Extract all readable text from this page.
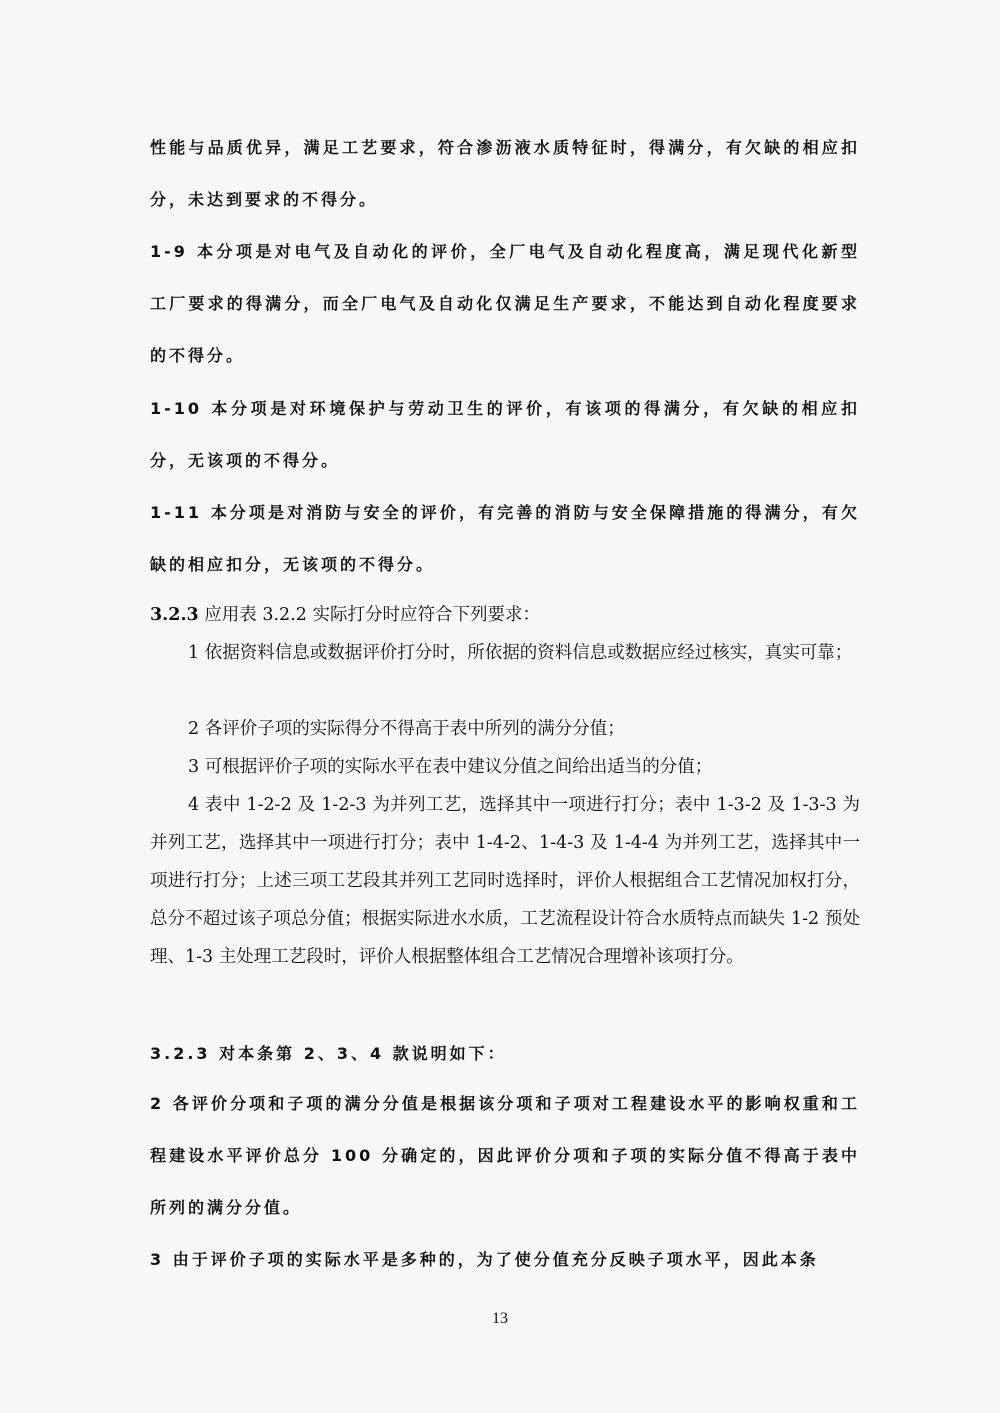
性能与品质优异，满足工艺要求，符合渗沥液水质特征时，得满分，有欠缺的相应扣分，未达到要求的不得分。

1-9 本分项是对电气及自动化的评价，全厂电气及自动化程度高，满足现代化新型工厂要求的得满分，而全厂电气及自动化仅满足生产要求，不能达到自动化程度要求的不得分。

1-10 本分项是对环境保护与劳动卫生的评价，有该项的得满分，有欠缺的相应扣分，无该项的不得分。

1-11 本分项是对消防与安全的评价，有完善的消防与安全保障措施的得满分，有欠缺的相应扣分，无该项的不得分。

3.2.3 应用表 3.2.2 实际打分时应符合下列要求：

1 依据资料信息或数据评价打分时，所依据的资料信息或数据应经过核实，真实可靠；

2 各评价子项的实际得分不得高于表中所列的满分分值；

3 可根据评价子项的实际水平在表中建议分值之间给出适当的分值；

4 表中 1-2-2 及 1-2-3 为并列工艺，选择其中一项进行打分；表中 1-3-2 及 1-3-3 为并列工艺，选择其中一项进行打分；表中 1-4-2、1-4-3 及 1-4-4 为并列工艺，选择其中一项进行打分；上述三项工艺段其并列工艺同时选择时，评价人根据组合工艺情况加权打分，总分不超过该子项总分值；根据实际进水水质，工艺流程设计符合水质特点而缺失 1-2 预处理、1-3 主处理工艺段时，评价人根据整体组合工艺情况合理增补该项打分。

3.2.3 对本条第 2、3、4 款说明如下：

2 各评价分项和子项的满分分值是根据该分项和子项对工程建设水平的影响权重和工程建设水平评价总分 100 分确定的，因此评价分项和子项的实际分值不得高于表中所列的满分分值。

3 由于评价子项的实际水平是多种的，为了使分值充分反映子项水平，因此本条

13
